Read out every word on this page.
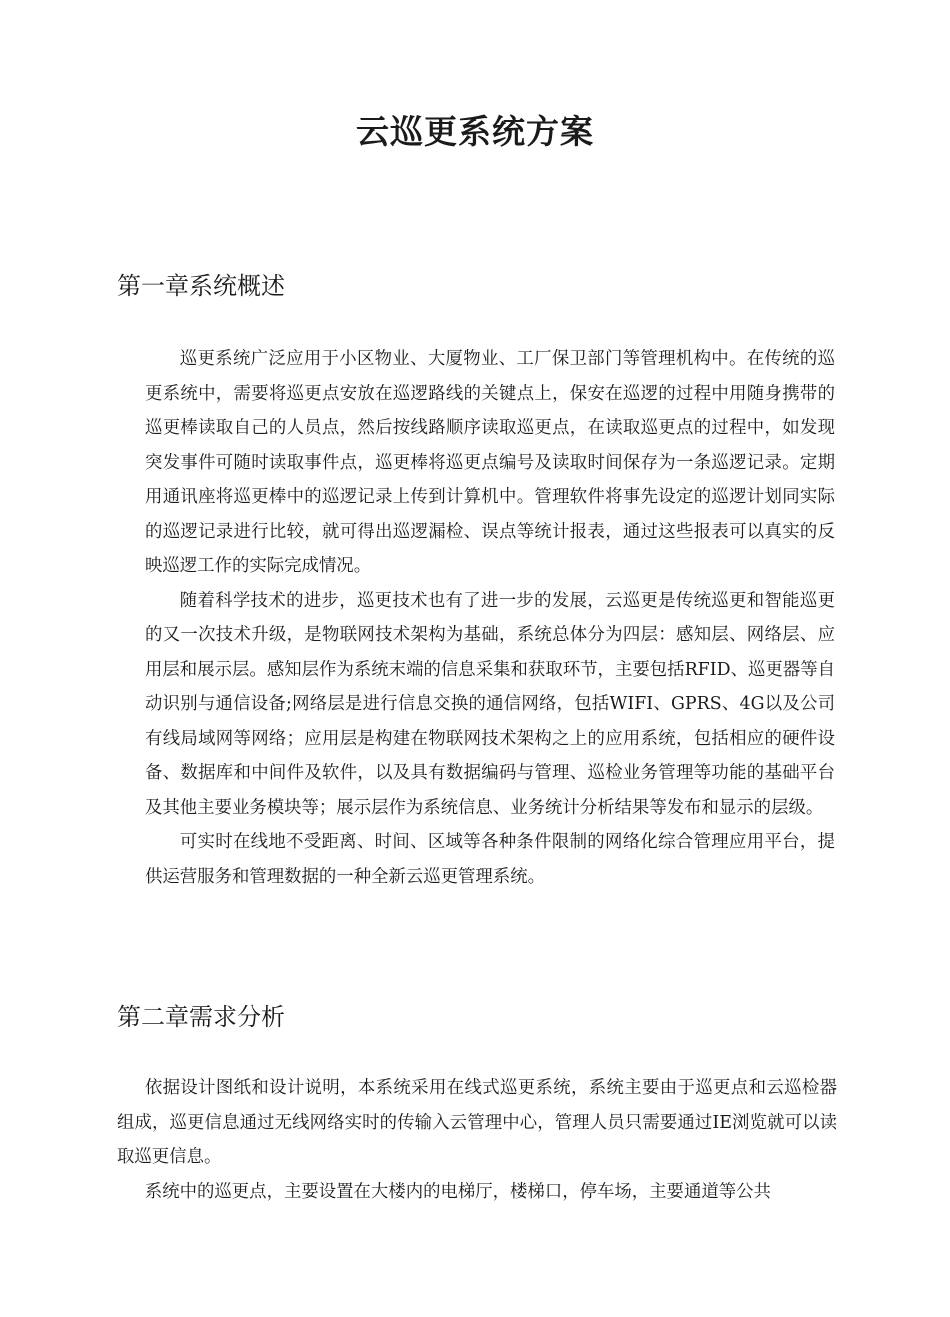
云巡更系统方案
第一章系统概述

巡更系统广泛应用于小区物业、大厦物业、工厂保卫部门等管理机构中。在传统的巡更系统中，需要将巡更点安放在巡逻路线的关键点上，保安在巡逻的过程中用随身携带的巡更棒读取自己的人员点，然后按线路顺序读取巡更点，在读取巡更点的过程中，如发现突发事件可随时读取事件点，巡更棒将巡更点编号及读取时间保存为一条巡逻记录。定期用通讯座将巡更棒中的巡逻记录上传到计算机中。管理软件将事先设定的巡逻计划同实际的巡逻记录进行比较，就可得出巡逻漏检、误点等统计报表，通过这些报表可以真实的反映巡逻工作的实际完成情况。

随着科学技术的进步，巡更技术也有了进一步的发展，云巡更是传统巡更和智能巡更的又一次技术升级，是物联网技术架构为基础，系统总体分为四层：感知层、网络层、应用层和展示层。感知层作为系统末端的信息采集和获取环节，主要包括RFID、巡更器等自动识别与通信设备;网络层是进行信息交换的通信网络，包括WIFI、GPRS、4G以及公司有线局域网等网络；应用层是构建在物联网技术架构之上的应用系统，包括相应的硬件设备、数据库和中间件及软件，以及具有数据编码与管理、巡检业务管理等功能的基础平台及其他主要业务模块等；展示层作为系统信息、业务统计分析结果等发布和显示的层级。

可实时在线地不受距离、时间、区域等各种条件限制的网络化综合管理应用平台，提供运营服务和管理数据的一种全新云巡更管理系统。

第二章需求分析

依据设计图纸和设计说明，本系统采用在线式巡更系统，系统主要由于巡更点和云巡检器组成，巡更信息通过无线网络实时的传输入云管理中心，管理人员只需要通过IE浏览就可以读取巡更信息。

系统中的巡更点，主要设置在大楼内的电梯厅，楼梯口，停车场，主要通道等公共
